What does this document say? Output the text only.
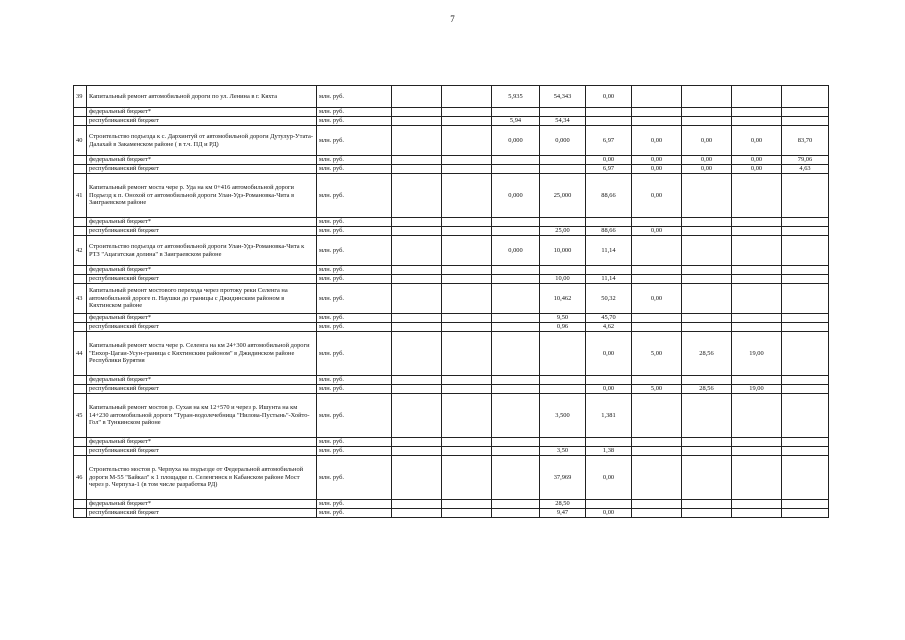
7
39	Капитальный ремонт автомобильной дороги по ул. Ленина в г. Кяхта	млн. руб.			5,935	54,343	0,00				
	федеральный бюджет*	млн. руб.									
	республиканский бюджет	млн. руб.			5,94	54,34					
40	Строительство подъезда к с. Дархинтуй от автомобильной дороги Дутулур-Утата-Далахай в Закаменском районе ( в т.ч. ПД и РД)	млн. руб.			0,000	0,000	6,97	0,00	0,00	0,00	83,70
	федеральный бюджет*	млн. руб.					0,00	0,00	0,00	0,00	79,06
	республиканский бюджет	млн. руб.					6,97	0,00	0,00	0,00	4,63
41	Капитальный ремонт моста чере р. Уда на км 0+416 автомобильной дороги Подъезд к п. Онохой от автомобильной дороги Улан-Удэ-Романовка-Чита в Заиграевском районе	млн. руб.			0,000	25,000	88,66	0,00			
	федеральный бюджет*	млн. руб.									
	республиканский бюджет	млн. руб.				25,00	88,66	0,00			
42	Строительство подъезда от автомобильной дороги Улан-Удэ-Романовка-Чита к РТЗ "Ацагатская долина" в Заиграевском районе	млн. руб.			0,000	10,000	11,14				
	федеральный бюджет*	млн. руб.									
	республиканский бюджет	млн. руб.				10,00	11,14				
43	Капитальный ремонт мостового перехода через протоку реки Селенга на автомобильной дороге п. Наушки до границы с Джидинским районом в Кяхтинском районе	млн. руб.				10,462	50,32	0,00			
	федеральный бюджет*	млн. руб.				9,50	45,70				
	республиканский бюджет	млн. руб.				0,96	4,62				
44	Капитальный ремонт моста чере р. Селенга на км 24+300 автомобильной дороги "Енхор-Цагаи-Усун-граница с Кяхтинским районом" в Джидинском районе Республики Бурятия	млн. руб.					0,00	5,00	28,56	19,00	
	федеральный бюджет*	млн. руб.									
	республиканский бюджет	млн. руб.					0,00	5,00	28,56	19,00	
45	Капитальный ремонт мостов р. Сухая на км 12+570 и через р. Ишунта на км 14+230 автомобильной дороги "Туран-водолечебница "Нилова-Пустынь"-Хойто-Гол" в Тункинском районе	млн. руб.				3,500	1,381				
	федеральный бюджет*	млн. руб.									
	республиканский бюджет	млн. руб.				3,50	1,38				
46	Строительство мостов р. Черпуха на подъезде от Федеральной автомобильной дороги М-55 "Байкал" к 1 площадке п. Селенгинск в Кабанском районе Мост через р. Черпуха-1 (в том числе разработка РД)	млн. руб.				37,969	0,00				
	федеральный бюджет*	млн. руб.				28,50					
	республиканский бюджет	млн. руб.				9,47	0,00				
